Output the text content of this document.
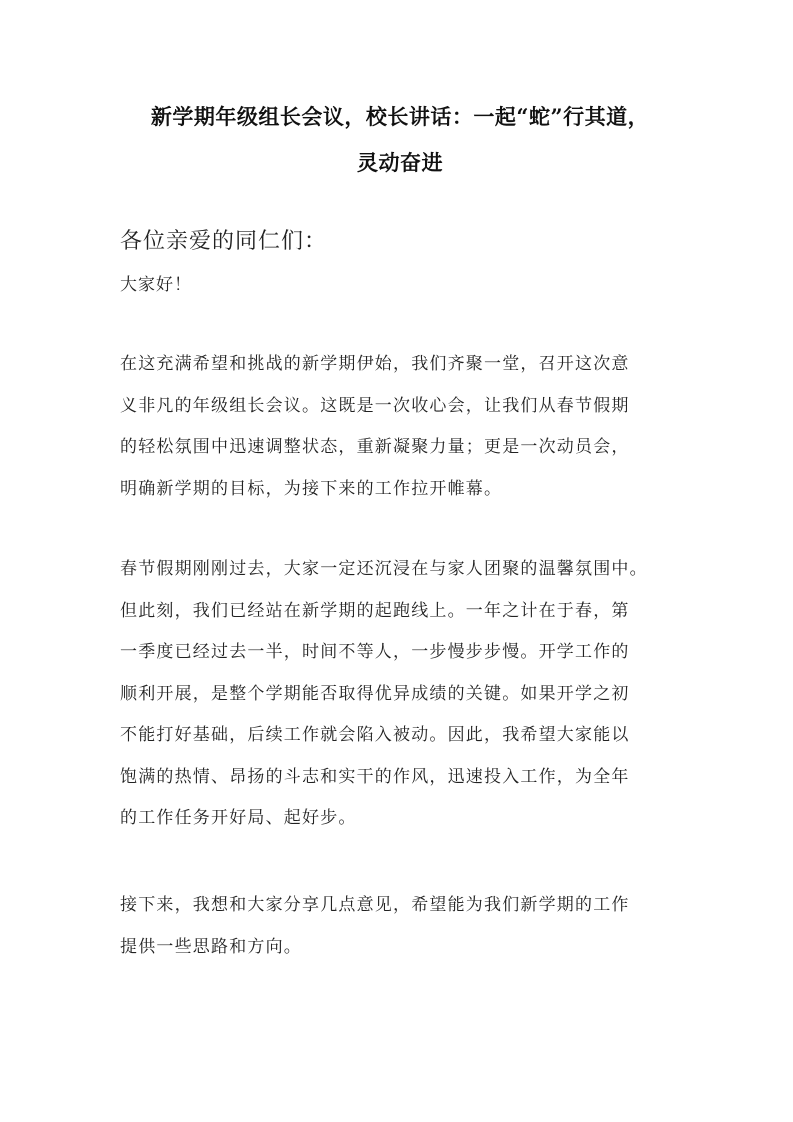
新学期年级组长会议，校长讲话：一起“蛇”行其道，
灵动奋进
各位亲爱的同仁们：
大家好！
在这充满希望和挑战的新学期伊始，我们齐聚一堂，召开这次意
义非凡的年级组长会议。这既是一次收心会，让我们从春节假期
的轻松氛围中迅速调整状态，重新凝聚力量；更是一次动员会，
明确新学期的目标，为接下来的工作拉开帷幕。
春节假期刚刚过去，大家一定还沉浸在与家人团聚的温馨氛围中。
但此刻，我们已经站在新学期的起跑线上。一年之计在于春，第
一季度已经过去一半，时间不等人，一步慢步步慢。开学工作的
顺利开展，是整个学期能否取得优异成绩的关键。如果开学之初
不能打好基础，后续工作就会陷入被动。因此，我希望大家能以
饱满的热情、昂扬的斗志和实干的作风，迅速投入工作，为全年
的工作任务开好局、起好步。
接下来，我想和大家分享几点意见，希望能为我们新学期的工作
提供一些思路和方向。
